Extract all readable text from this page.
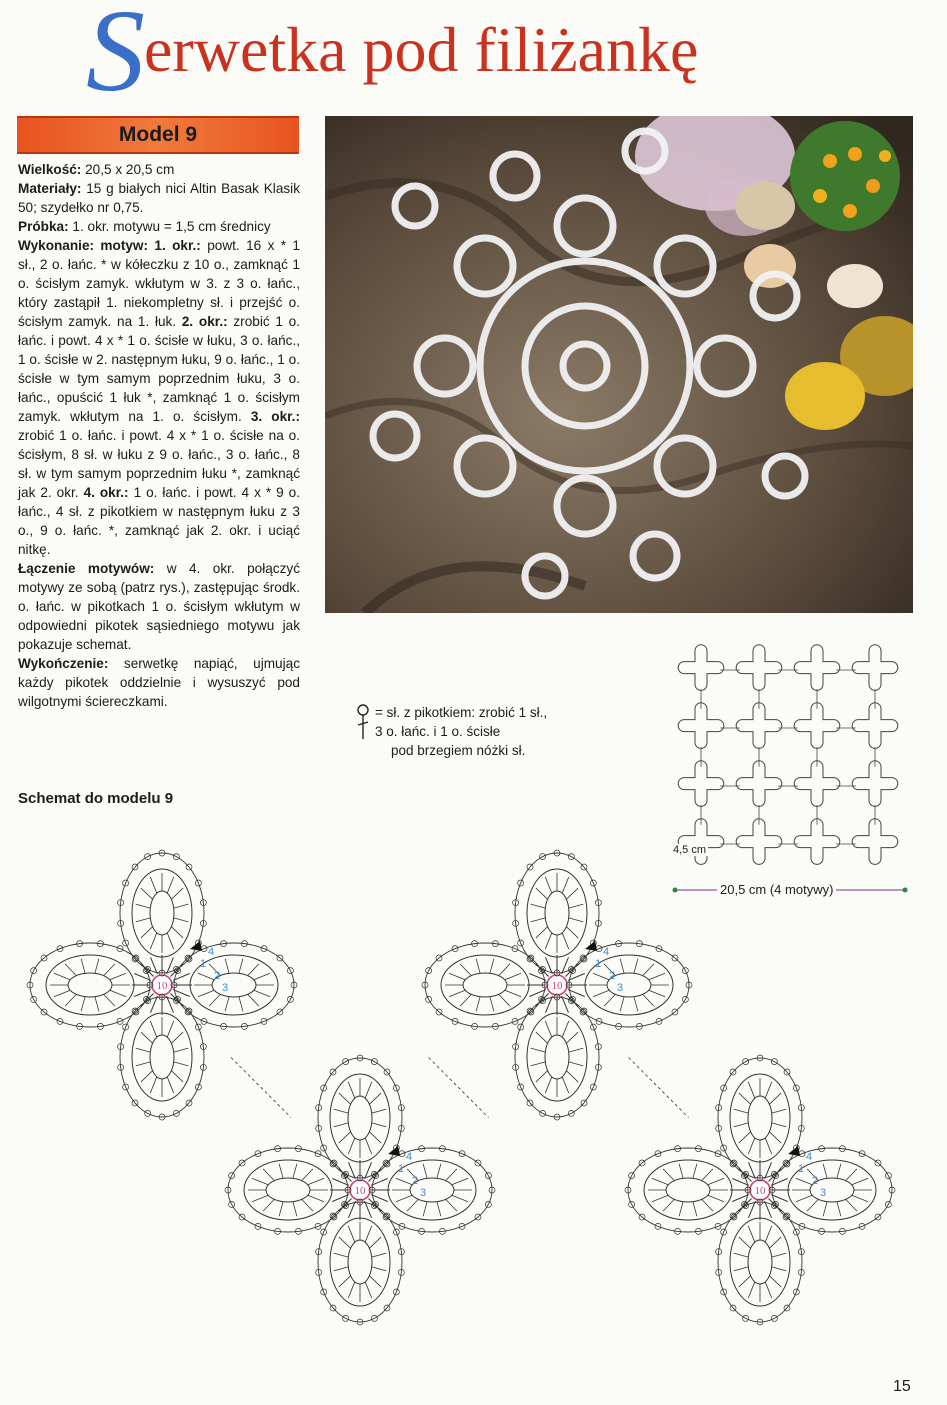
S erwetka pod filiżankę
Model 9

Wielkość: 20,5 x 20,5 cm

Materiały: 15 g białych nici Altin Basak Klasik 50; szydełko nr 0,75.

Próbka: 1. okr. motywu = 1,5 cm średnicy

Wykonanie: motyw: 1. okr.: powt. 16 x * 1 sł., 2 o. łańc. * w kółeczku z 10 o., zamknąć 1 o. ścisłym zamyk. wkłutym w 3. z 3 o. łańc., który zastąpił 1. niekompletny sł. i przejść o. ścisłym zamyk. na 1. łuk. 2. okr.: zrobić 1 o. łańc. i powt. 4 x * 1 o. ścisłe w łuku, 3 o. łańc., 1 o. ścisłe w 2. następnym łuku, 9 o. łańc., 1 o. ścisłe w tym samym poprzednim łuku, 3 o. łańc., opuścić 1 łuk *, zamknąć 1 o. ścisłym zamyk. wkłutym na 1. o. ścisłym. 3. okr.: zrobić 1 o. łańc. i powt. 4 x * 1 o. ścisłe na o. ścisłym, 8 sł. w łuku z 9 o. łańc., 3 o. łańc., 8 sł. w tym samym poprzednim łuku *, zamknąć jak 2. okr. 4. okr.: 1 o. łańc. i powt. 4 x * 9 o. łańc., 4 sł. z pikotkiem w następnym łuku z 3 o., 9 o. łańc. *, zamknąć jak 2. okr. i uciąć nitkę.

Łączenie motywów: w 4. okr. połączyć motywy ze sobą (patrz rys.), zastępując środk. o. łańc. w pikotkach 1 o. ścisłym wkłutym w odpowiedni pikotek sąsiedniego motywu jak pokazuje schemat.

Wykończenie: serwetkę napiąć, ujmując każdy pikotek oddzielnie i wysuszyć pod wilgotnymi ściereczkami.

= sł. z pikotkiem: zrobić 1 sł.,
3 o. łańc. i 1 o. ścisłe
pod brzegiem nóżki sł.
4,5 cm
20,5 cm (4 motywy)
Schemat do modelu 9
10
1
2
3
4
10
1
2
3
4
10
1
2
3
4
10
1
2
3
4
15
